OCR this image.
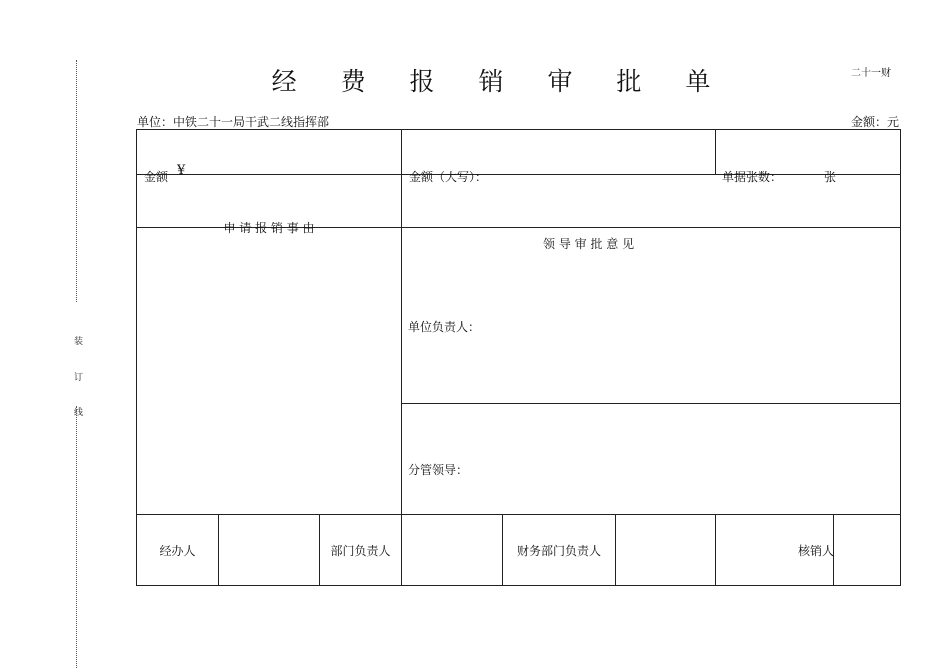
装
订
线
经 费 报 销 审 批 单	二十一财
单位：中铁二十一局干武二线指挥部	金额：元
金额 ¥			金额（大写）：		单据张数： 张	

申 请 报 销 事 由			领 导 审 批 意 见			

			单位负责人：			

			分管领导：			

经办人		部门负责人		财务部门负责人	核销人	
